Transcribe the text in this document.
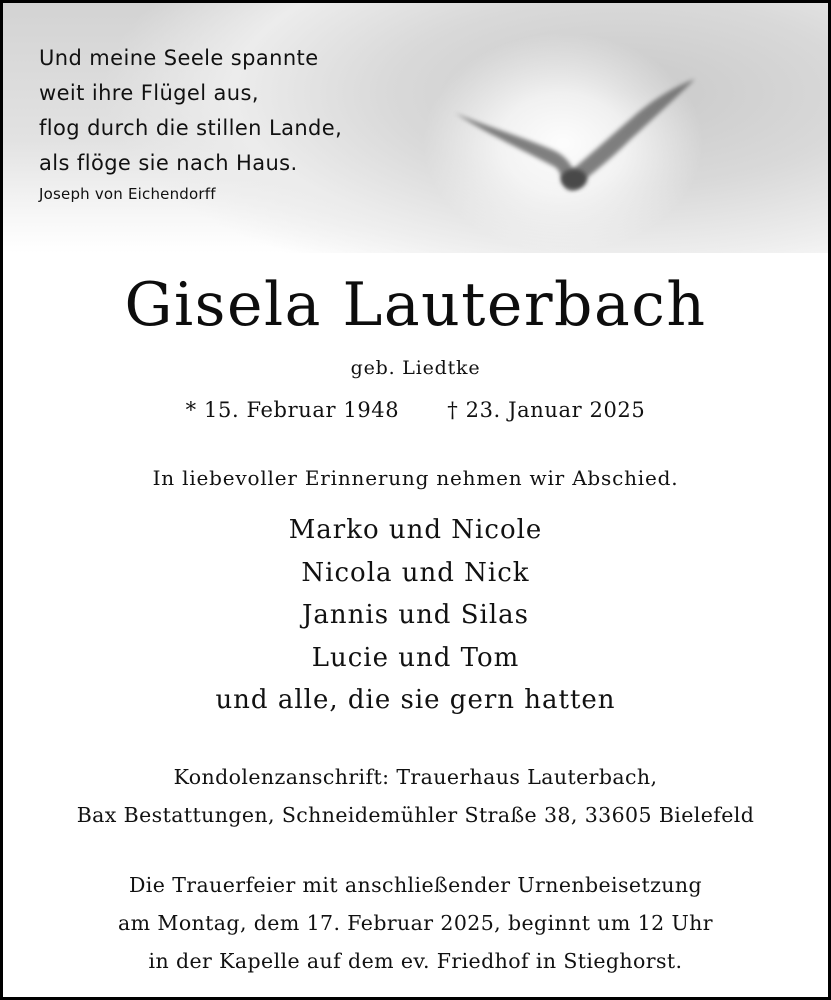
Und meine Seele spannte
weit ihre Flügel aus,
flog durch die stillen Lande,
als flöge sie nach Haus.
Joseph von Eichendorff
Gisela Lauterbach
geb. Liedtke
* 15. Februar 1948 † 23. Januar 2025
In liebevoller Erinnerung nehmen wir Abschied.
Marko und Nicole
Nicola und Nick
Jannis und Silas
Lucie und Tom
und alle, die sie gern hatten
Kondolenzanschrift: Trauerhaus Lauterbach,
Bax Bestattungen, Schneidemühler Straße 38, 33605 Bielefeld
Die Trauerfeier mit anschließender Urnenbeisetzung
am Montag, dem 17. Februar 2025, beginnt um 12 Uhr
in der Kapelle auf dem ev. Friedhof in Stieghorst.
